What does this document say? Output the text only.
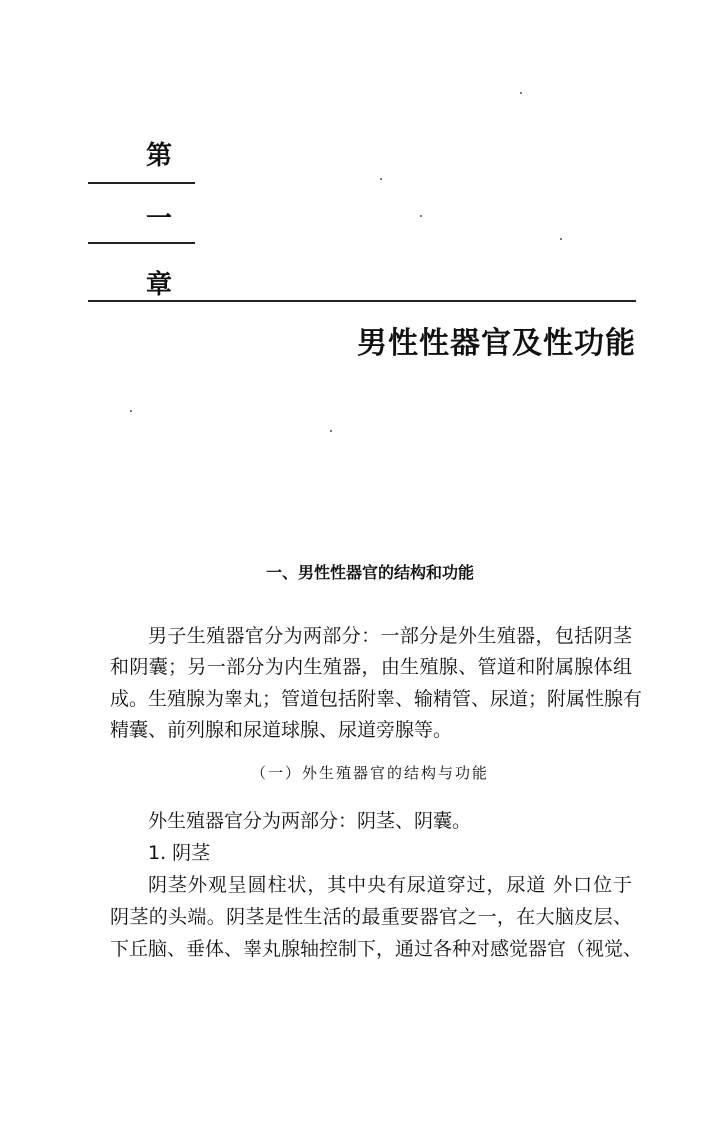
第
一
章
男性性器官及性功能
一、男性性器官的结构和功能
男子生殖器官分为两部分：一部分是外生殖器，包括阴茎
和阴囊；另一部分为内生殖器，由生殖腺、管道和附属腺体组
成。生殖腺为睾丸；管道包括附睾、输精管、尿道；附属性腺有
精囊、前列腺和尿道球腺、尿道旁腺等。
（一）外生殖器官的结构与功能
外生殖器官分为两部分：阴茎、阴囊。
1. 阴茎
阴茎外观呈圆柱状，其中央有尿道穿过，尿道 外口位于
阴茎的头端。阴茎是性生活的最重要器官之一，在大脑皮层、
下丘脑、垂体、睾丸腺轴控制下，通过各种对感觉器官（视觉、
